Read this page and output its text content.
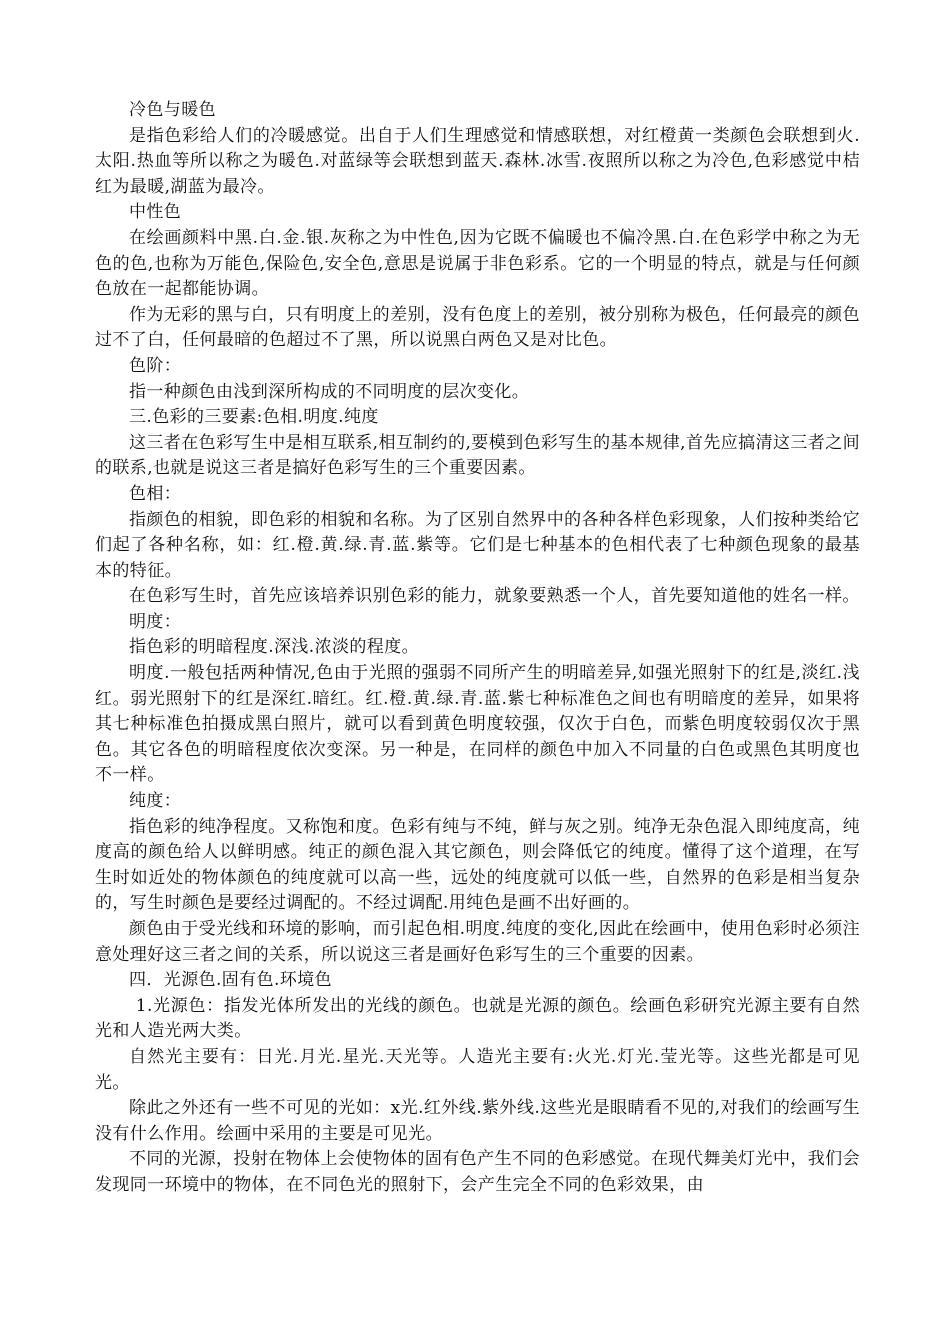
冷色与暖色

是指色彩给人们的冷暖感觉。出自于人们生理感觉和情感联想，对红橙黄一类颜色会联想到火.太阳.热血等所以称之为暖色.对蓝绿等会联想到蓝天.森林.冰雪.夜照所以称之为冷色,色彩感觉中桔红为最暖,湖蓝为最冷。

中性色

在绘画颜料中黑.白.金.银.灰称之为中性色,因为它既不偏暖也不偏冷黑.白.在色彩学中称之为无色的色,也称为万能色,保险色,安全色,意思是说属于非色彩系。它的一个明显的特点，就是与任何颜色放在一起都能协调。

作为无彩的黑与白，只有明度上的差别，没有色度上的差别，被分别称为极色，任何最亮的颜色过不了白，任何最暗的色超过不了黑，所以说黑白两色又是对比色。

色阶：

指一种颜色由浅到深所构成的不同明度的层次变化。

三.色彩的三要素:色相.明度.纯度

这三者在色彩写生中是相互联系,相互制约的,要模到色彩写生的基本规律,首先应搞清这三者之间的联系,也就是说这三者是搞好色彩写生的三个重要因素。

色相：

指颜色的相貌，即色彩的相貌和名称。为了区别自然界中的各种各样色彩现象，人们按种类给它们起了各种名称，如：红.橙.黄.绿.青.蓝.紫等。它们是七种基本的色相代表了七种颜色现象的最基本的特征。

在色彩写生时，首先应该培养识别色彩的能力，就象要熟悉一个人，首先要知道他的姓名一样。

明度：

指色彩的明暗程度.深浅.浓淡的程度。

明度.一般包括两种情况,色由于光照的强弱不同所产生的明暗差异,如强光照射下的红是,淡红.浅红。弱光照射下的红是深红.暗红。红.橙.黄.绿.青.蓝.紫七种标准色之间也有明暗度的差异，如果将其七种标准色拍摄成黑白照片，就可以看到黄色明度较强，仅次于白色，而紫色明度较弱仅次于黑色。其它各色的明暗程度依次变深。另一种是，在同样的颜色中加入不同量的白色或黑色其明度也不一样。

纯度：

指色彩的纯净程度。又称饱和度。色彩有纯与不纯，鲜与灰之别。纯净无杂色混入即纯度高，纯度高的颜色给人以鲜明感。纯正的颜色混入其它颜色，则会降低它的纯度。懂得了这个道理，在写生时如近处的物体颜色的纯度就可以高一些，远处的纯度就可以低一些，自然界的色彩是相当复杂的，写生时颜色是要经过调配的。不经过调配.用纯色是画不出好画的。

颜色由于受光线和环境的影响，而引起色相.明度.纯度的变化,因此在绘画中，使用色彩时必须注意处理好这三者之间的关系，所以说这三者是画好色彩写生的三个重要的因素。

四．光源色.固有色.环境色

1.光源色：指发光体所发出的光线的颜色。也就是光源的颜色。绘画色彩研究光源主要有自然光和人造光两大类。

自然光主要有：日光.月光.星光.天光等。人造光主要有:火光.灯光.莹光等。这些光都是可见光。

除此之外还有一些不可见的光如：x光.红外线.紫外线.这些光是眼睛看不见的,对我们的绘画写生没有什么作用。绘画中采用的主要是可见光。

不同的光源，投射在物体上会使物体的固有色产生不同的色彩感觉。在现代舞美灯光中，我们会发现同一环境中的物体，在不同色光的照射下，会产生完全不同的色彩效果，由
